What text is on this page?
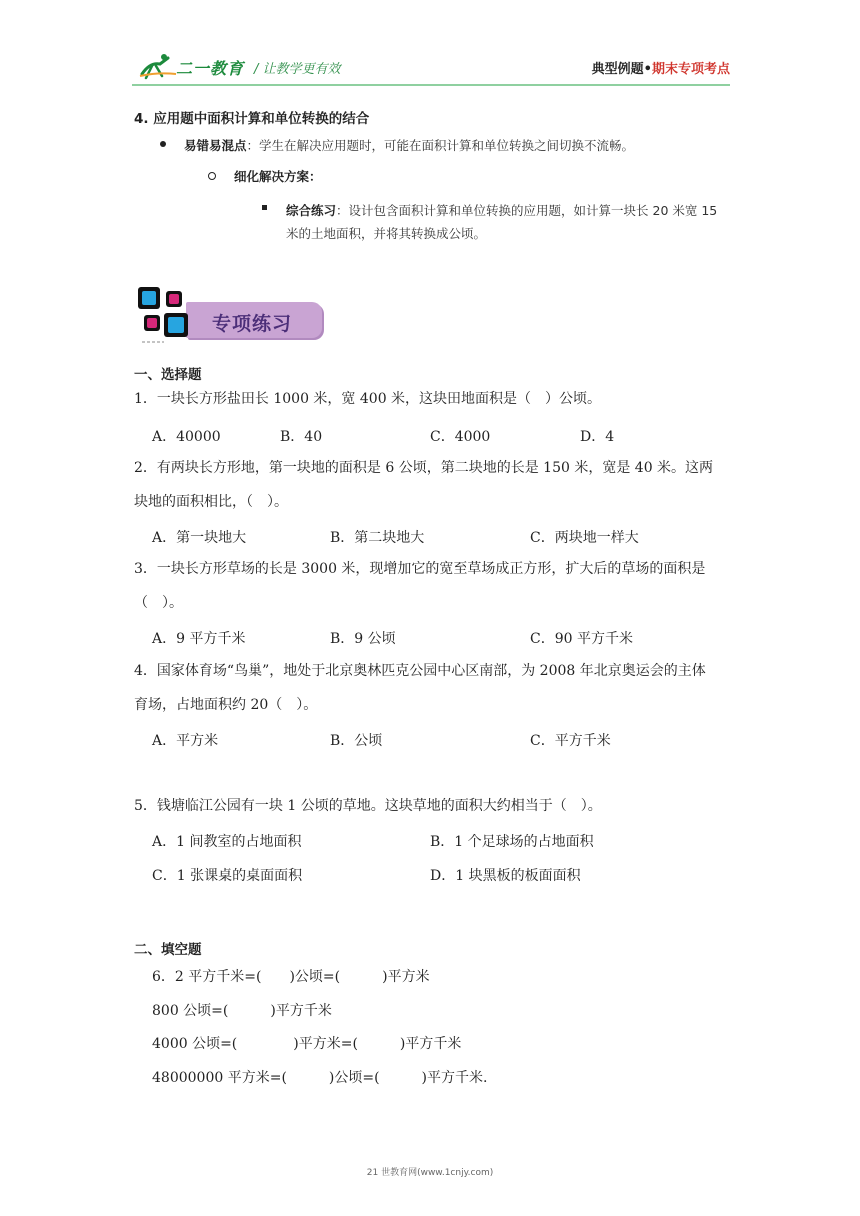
二一教育 / 让教学更有效	典型例题•期末专项考点
4. 应用题中面积计算和单位转换的结合
易错易混点：学生在解决应用题时，可能在面积计算和单位转换之间切换不流畅。
细化解决方案：
综合练习：设计包含面积计算和单位转换的应用题，如计算一块长 20 米宽 15 米的土地面积，并将其转换成公顷。
专项练习
一、选择题
1．一块长方形盐田长 1000 米，宽 400 米，这块田地面积是（　）公顷。
A．40000	B．40	C．4000	D．4
2．有两块长方形地，第一块地的面积是 6 公顷，第二块地的长是 150 米，宽是 40 米。这两
块地的面积相比，（　）。
A．第一块地大	B．第二块地大	C．两块地一样大
3．一块长方形草场的长是 3000 米，现增加它的宽至草场成正方形，扩大后的草场的面积是
（　）。
A．9 平方千米	B．9 公顷	C．90 平方千米
4．国家体育场“鸟巢”，地处于北京奥林匹克公园中心区南部，为 2008 年北京奥运会的主体
育场，占地面积约 20（　）。
A．平方米	B．公顷	C．平方千米
5．钱塘临江公园有一块 1 公顷的草地。这块草地的面积大约相当于（　）。
A．1 间教室的占地面积	B．1 个足球场的占地面积
C．1 张课桌的桌面面积	D．1 块黑板的板面面积
二、填空题
6．2 平方千米=(　　)公顷=(　　　)平方米
800 公顷=(　　　)平方千米
4000 公顷=(　　　　)平方米=(　　　)平方千米
48000000 平方米=(　　　)公顷=(　　　)平方千米.
21 世教育网(www.1cnjy.com)
